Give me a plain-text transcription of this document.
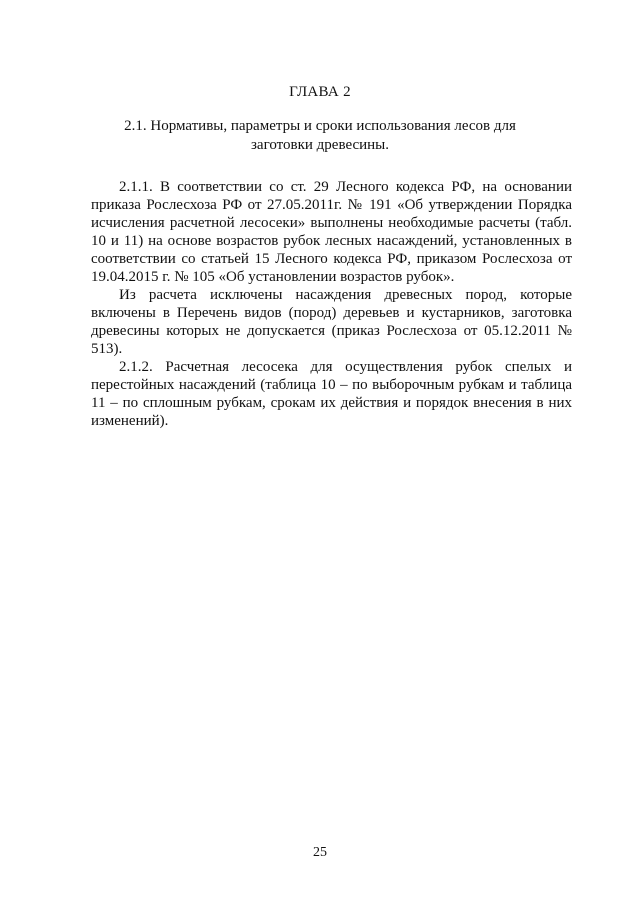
ГЛАВА 2
2.1. Нормативы, параметры и сроки использования лесов для заготовки древесины.

2.1.1. В соответствии со ст. 29 Лесного кодекса РФ, на основании приказа Рослесхоза РФ от 27.05.2011г. № 191 «Об утверждении Порядка исчисления расчетной лесосеки» выполнены необходимые расчеты (табл. 10 и 11) на основе возрастов рубок лесных насаждений, установленных в соответствии со статьей 15 Лесного кодекса РФ, приказом Рослесхоза от 19.04.2015 г. № 105 «Об установлении возрастов рубок».

Из расчета исключены насаждения древесных пород, которые включены в Перечень видов (пород) деревьев и кустарников, заготовка древесины которых не допускается (приказ Рослесхоза от 05.12.2011 № 513).

2.1.2. Расчетная лесосека для осуществления рубок спелых и перестойных насаждений (таблица 10 – по выборочным рубкам и таблица 11 – по сплошным рубкам, срокам их действия и порядок внесения в них изменений).

25
